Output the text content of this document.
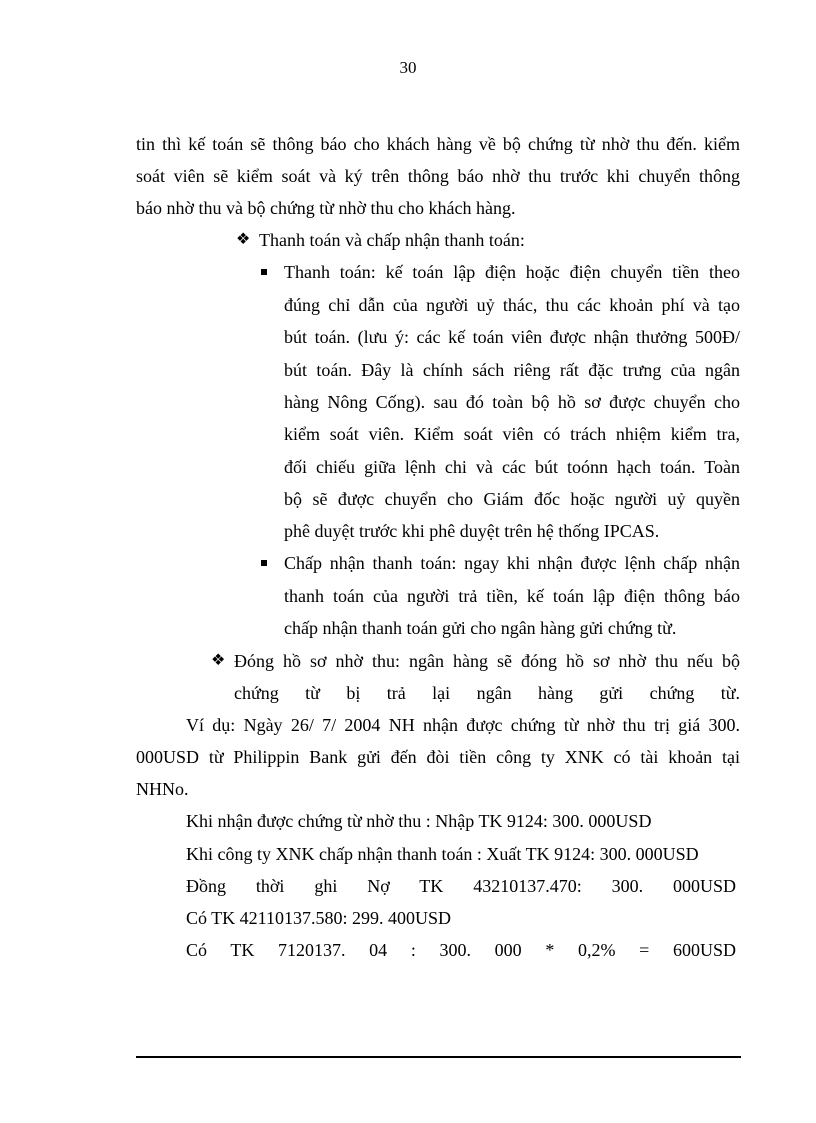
30
tin thì kế toán sẽ thông báo cho khách hàng về bộ chứng từ nhờ thu đến. kiểm
soát viên sẽ kiểm soát và ký trên thông báo nhờ thu trước khi chuyển thông
báo nhờ thu và bộ chứng từ nhờ thu cho khách hàng.
❖ Thanh toán và chấp nhận thanh toán:
Thanh toán: kế toán lập điện hoặc điện chuyển tiền theo
đúng chỉ dẫn của người uỷ thác, thu các khoản phí và tạo
bút toán. (lưu ý: các kế toán viên được nhận thưởng 500Đ/
bút toán. Đây là chính sách riêng rất đặc trưng của ngân
hàng Nông Cống). sau đó toàn bộ hồ sơ được chuyển cho
kiểm soát viên. Kiểm soát viên có trách nhiệm kiểm tra,
đối chiếu giữa lệnh chi và các bút toónn hạch toán. Toàn
bộ sẽ được chuyển cho Giám đốc hoặc người uỷ quyền
phê duyệt trước khi phê duyệt trên hệ thống IPCAS.
Chấp nhận thanh toán: ngay khi nhận được lệnh chấp nhận
thanh toán của người trả tiền, kế toán lập điện thông báo
chấp nhận thanh toán gửi cho ngân hàng gửi chứng từ.
❖ Đóng hồ sơ nhờ thu: ngân hàng sẽ đóng hồ sơ nhờ thu nếu bộ
chứng từ bị trả lại ngân hàng gửi chứng từ.
Ví dụ: Ngày 26/ 7/ 2004 NH nhận được chứng từ nhờ thu trị giá 300.
000USD từ Philippin Bank gửi đến đòi tiền công ty XNK có tài khoản tại
NHNo.
Khi nhận được chứng từ nhờ thu : Nhập TK 9124: 300. 000USD
Khi công ty XNK chấp nhận thanh toán : Xuất TK 9124: 300. 000USD
Đồng thời ghi Nợ TK 43210137.470: 300. 000USD
Có TK 42110137.580: 299. 400USD
Có TK 7120137. 04 : 300. 000 * 0,2% = 600USD
